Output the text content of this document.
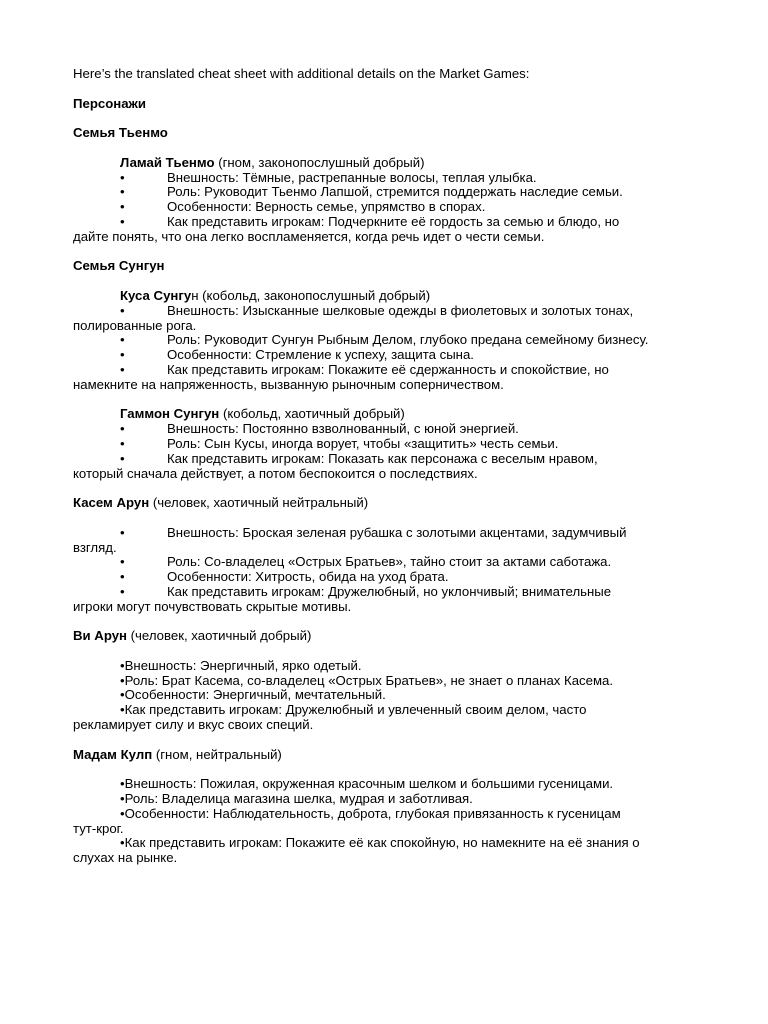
Here’s the translated cheat sheet with additional details on the Market Games:
Персонажи
Семья Тьенмо
Ламай Тьенмо (гном, законопослушный добрый)
•	Внешность: Тёмные, растрепанные волосы, теплая улыбка.
•	Роль: Руководит Тьенмо Лапшой, стремится поддержать наследие семьи.
•	Особенности: Верность семье, упрямство в спорах.
•	Как представить игрокам: Подчеркните её гордость за семью и блюдо, но
дайте понять, что она легко воспламеняется, когда речь идет о чести семьи.
Семья Сунгун
Куса Сунгун (кобольд, законопослушный добрый)
•	Внешность: Изысканные шелковые одежды в фиолетовых и золотых тонах,
полированные рога.
•	Роль: Руководит Сунгун Рыбным Делом, глубоко предана семейному бизнесу.
•	Особенности: Стремление к успеху, защита сына.
•	Как представить игрокам: Покажите её сдержанность и спокойствие, но
намекните на напряженность, вызванную рыночным соперничеством.
Гаммон Сунгун (кобольд, хаотичный добрый)
•	Внешность: Постоянно взволнованный, с юной энергией.
•	Роль: Сын Кусы, иногда ворует, чтобы «защитить» честь семьи.
•	Как представить игрокам: Показать как персонажа с веселым нравом,
который сначала действует, а потом беспокоится о последствиях.
Касем Арун (человек, хаотичный нейтральный)
•	Внешность: Броская зеленая рубашка с золотыми акцентами, задумчивый
взгляд.
•	Роль: Со-владелец «Острых Братьев», тайно стоит за актами саботажа.
•	Особенности: Хитрость, обида на уход брата.
•	Как представить игрокам: Дружелюбный, но уклончивый; внимательные
игроки могут почувствовать скрытые мотивы.
Ви Арун (человек, хаотичный добрый)
•Внешность: Энергичный, ярко одетый.
•Роль: Брат Касема, со-владелец «Острых Братьев», не знает о планах Касема.
•Особенности: Энергичный, мечтательный.
•Как представить игрокам: Дружелюбный и увлеченный своим делом, часто
рекламирует силу и вкус своих специй.
Мадам Кулп (гном, нейтральный)
•Внешность: Пожилая, окруженная красочным шелком и большими гусеницами.
•Роль: Владелица магазина шелка, мудрая и заботливая.
•Особенности: Наблюдательность, доброта, глубокая привязанность к гусеницам
тут-крог.
•Как представить игрокам: Покажите её как спокойную, но намекните на её знания о
слухах на рынке.
